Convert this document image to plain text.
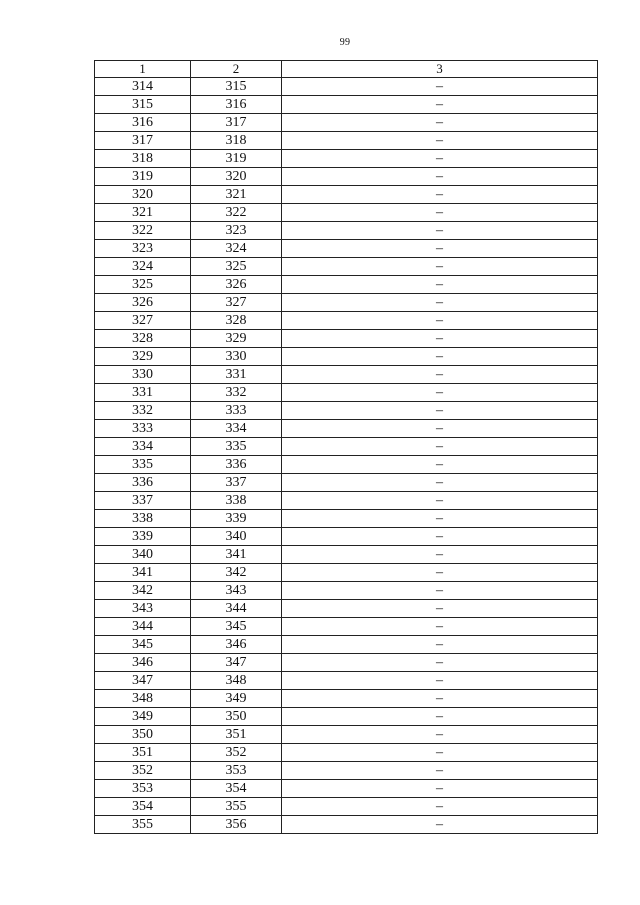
99
1	2	3
314	315	–
315	316	–
316	317	–
317	318	–
318	319	–
319	320	–
320	321	–
321	322	–
322	323	–
323	324	–
324	325	–
325	326	–
326	327	–
327	328	–
328	329	–
329	330	–
330	331	–
331	332	–
332	333	–
333	334	–
334	335	–
335	336	–
336	337	–
337	338	–
338	339	–
339	340	–
340	341	–
341	342	–
342	343	–
343	344	–
344	345	–
345	346	–
346	347	–
347	348	–
348	349	–
349	350	–
350	351	–
351	352	–
352	353	–
353	354	–
354	355	–
355	356	–
